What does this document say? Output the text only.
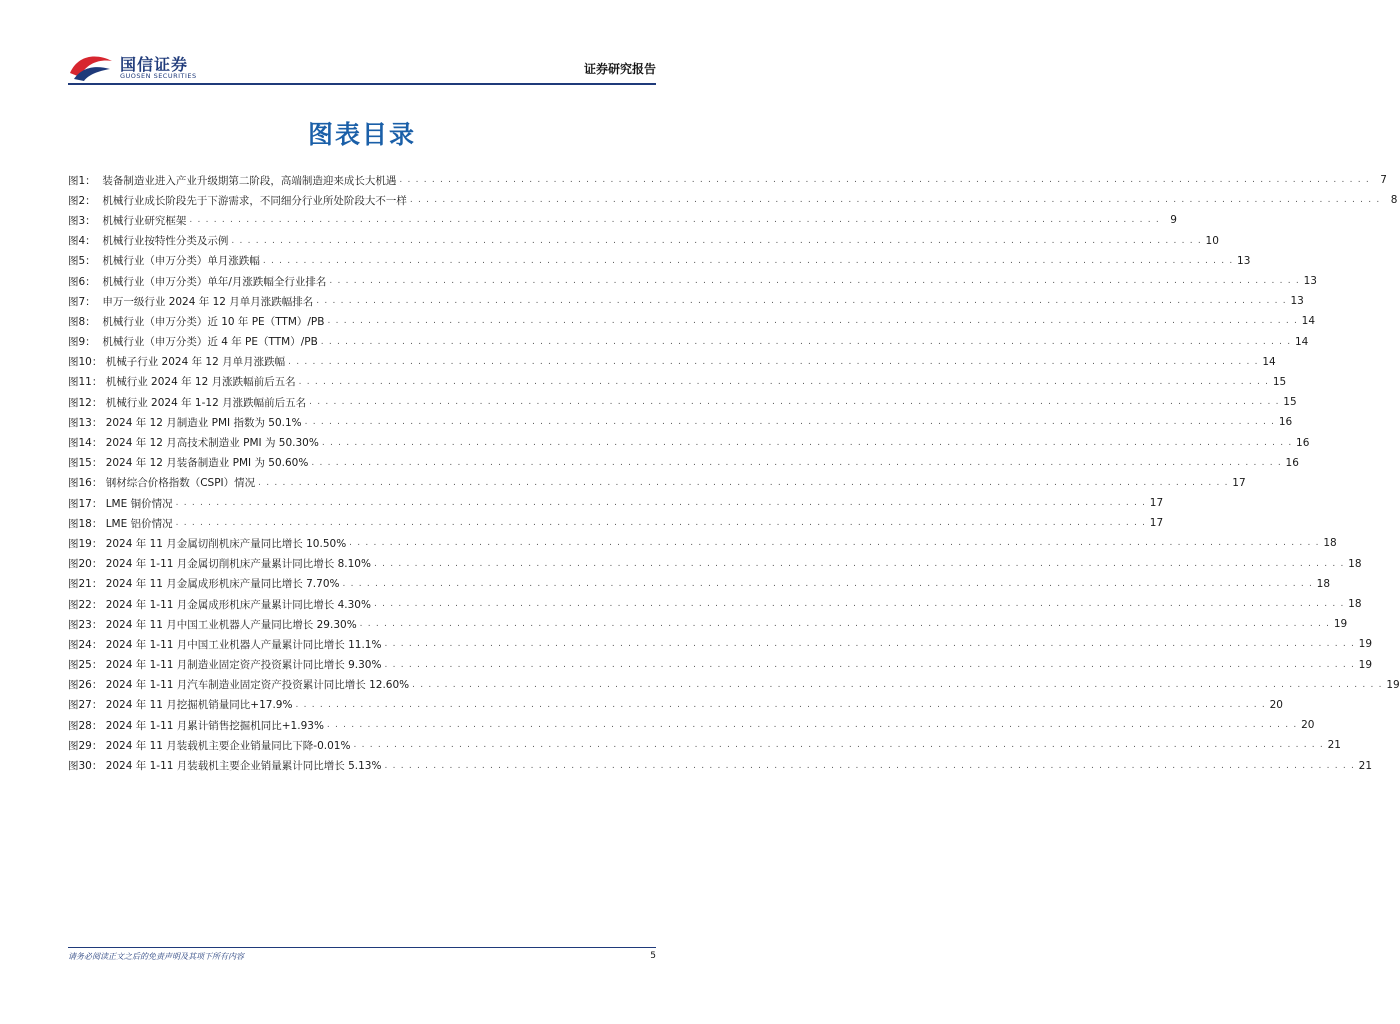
国信证券
GUOSEN SECURITIES	证券研究报告
图表目录
图1：  装备制造业进入产业升级期第二阶段，高端制造迎来成长大机遇 . . . . . . . . . . . . . . . . . . . . . . . . . . . . . . . . . . . . . . . . . . . . . . . . . . . . . . . . . . . . . . . . . . . . . . . . . . . . . . . . . . . . . . . . . . . . . . . . . . . . . . . . . . . . . . . . . . . . . . . . 7
图2：  机械行业成长阶段先于下游需求，不同细分行业所处阶段大不一样 . . . . . . . . . . . . . . . . . . . . . . . . . . . . . . . . . . . . . . . . . . . . . . . . . . . . . . . . . . . . . . . . . . . . . . . . . . . . . . . . . . . . . . . . . . . . . . . . . . . . . . . . . . . . . . . . . . . . . . . . 8
图3：  机械行业研究框架 . . . . . . . . . . . . . . . . . . . . . . . . . . . . . . . . . . . . . . . . . . . . . . . . . . . . . . . . . . . . . . . . . . . . . . . . . . . . . . . . . . . . . . . . . . . . . . . . . . . . . . . . . . . . . . . . . . . . . . . . 9
图4：  机械行业按特性分类及示例 . . . . . . . . . . . . . . . . . . . . . . . . . . . . . . . . . . . . . . . . . . . . . . . . . . . . . . . . . . . . . . . . . . . . . . . . . . . . . . . . . . . . . . . . . . . . . . . . . . . . . . . . . . . . . . . . . . . . . . . . 10
图5：  机械行业（申万分类）单月涨跌幅 . . . . . . . . . . . . . . . . . . . . . . . . . . . . . . . . . . . . . . . . . . . . . . . . . . . . . . . . . . . . . . . . . . . . . . . . . . . . . . . . . . . . . . . . . . . . . . . . . . . . . . . . . . . . . . . . . . . . . . . . 13
图6：  机械行业（申万分类）单年/月涨跌幅全行业排名 . . . . . . . . . . . . . . . . . . . . . . . . . . . . . . . . . . . . . . . . . . . . . . . . . . . . . . . . . . . . . . . . . . . . . . . . . . . . . . . . . . . . . . . . . . . . . . . . . . . . . . . . . . . . . . . . . . . . . . . . 13
图7：  申万一级行业 2024 年 12 月单月涨跌幅排名 . . . . . . . . . . . . . . . . . . . . . . . . . . . . . . . . . . . . . . . . . . . . . . . . . . . . . . . . . . . . . . . . . . . . . . . . . . . . . . . . . . . . . . . . . . . . . . . . . . . . . . . . . . . . . . . . . . . . . . . . 13
图8：  机械行业（申万分类）近 10 年 PE（TTM）/PB . . . . . . . . . . . . . . . . . . . . . . . . . . . . . . . . . . . . . . . . . . . . . . . . . . . . . . . . . . . . . . . . . . . . . . . . . . . . . . . . . . . . . . . . . . . . . . . . . . . . . . . . . . . . . . . . . . . . . . . . 14
图9：  机械行业（申万分类）近 4 年 PE（TTM）/PB . . . . . . . . . . . . . . . . . . . . . . . . . . . . . . . . . . . . . . . . . . . . . . . . . . . . . . . . . . . . . . . . . . . . . . . . . . . . . . . . . . . . . . . . . . . . . . . . . . . . . . . . . . . . . . . . . . . . . . . . 14
图10： 机械子行业 2024 年 12 月单月涨跌幅 . . . . . . . . . . . . . . . . . . . . . . . . . . . . . . . . . . . . . . . . . . . . . . . . . . . . . . . . . . . . . . . . . . . . . . . . . . . . . . . . . . . . . . . . . . . . . . . . . . . . . . . . . . . . . . . . . . . . . . . . 14
图11： 机械行业 2024 年 12 月涨跌幅前后五名 . . . . . . . . . . . . . . . . . . . . . . . . . . . . . . . . . . . . . . . . . . . . . . . . . . . . . . . . . . . . . . . . . . . . . . . . . . . . . . . . . . . . . . . . . . . . . . . . . . . . . . . . . . . . . . . . . . . . . . . . 15
图12： 机械行业 2024 年 1-12 月涨跌幅前后五名 . . . . . . . . . . . . . . . . . . . . . . . . . . . . . . . . . . . . . . . . . . . . . . . . . . . . . . . . . . . . . . . . . . . . . . . . . . . . . . . . . . . . . . . . . . . . . . . . . . . . . . . . . . . . . . . . . . . . . . . . 15
图13： 2024 年 12 月制造业 PMI 指数为 50.1% . . . . . . . . . . . . . . . . . . . . . . . . . . . . . . . . . . . . . . . . . . . . . . . . . . . . . . . . . . . . . . . . . . . . . . . . . . . . . . . . . . . . . . . . . . . . . . . . . . . . . . . . . . . . . . . . . . . . . . . . 16
图14： 2024 年 12 月高技术制造业 PMI 为 50.30% . . . . . . . . . . . . . . . . . . . . . . . . . . . . . . . . . . . . . . . . . . . . . . . . . . . . . . . . . . . . . . . . . . . . . . . . . . . . . . . . . . . . . . . . . . . . . . . . . . . . . . . . . . . . . . . . . . . . . . . . 16
图15： 2024 年 12 月装备制造业 PMI 为 50.60% . . . . . . . . . . . . . . . . . . . . . . . . . . . . . . . . . . . . . . . . . . . . . . . . . . . . . . . . . . . . . . . . . . . . . . . . . . . . . . . . . . . . . . . . . . . . . . . . . . . . . . . . . . . . . . . . . . . . . . . . 16
图16： 钢材综合价格指数（CSPI）情况 . . . . . . . . . . . . . . . . . . . . . . . . . . . . . . . . . . . . . . . . . . . . . . . . . . . . . . . . . . . . . . . . . . . . . . . . . . . . . . . . . . . . . . . . . . . . . . . . . . . . . . . . . . . . . . . . . . . . . . . . 17
图17： LME 铜价情况 . . . . . . . . . . . . . . . . . . . . . . . . . . . . . . . . . . . . . . . . . . . . . . . . . . . . . . . . . . . . . . . . . . . . . . . . . . . . . . . . . . . . . . . . . . . . . . . . . . . . . . . . . . . . . . . . . . . . . . . . 17
图18： LME 铝价情况 . . . . . . . . . . . . . . . . . . . . . . . . . . . . . . . . . . . . . . . . . . . . . . . . . . . . . . . . . . . . . . . . . . . . . . . . . . . . . . . . . . . . . . . . . . . . . . . . . . . . . . . . . . . . . . . . . . . . . . . . 17
图19： 2024 年 11 月金属切削机床产量同比增长 10.50% . . . . . . . . . . . . . . . . . . . . . . . . . . . . . . . . . . . . . . . . . . . . . . . . . . . . . . . . . . . . . . . . . . . . . . . . . . . . . . . . . . . . . . . . . . . . . . . . . . . . . . . . . . . . . . . . . . . . . . . . 18
图20： 2024 年 1-11 月金属切削机床产量累计同比增长 8.10% . . . . . . . . . . . . . . . . . . . . . . . . . . . . . . . . . . . . . . . . . . . . . . . . . . . . . . . . . . . . . . . . . . . . . . . . . . . . . . . . . . . . . . . . . . . . . . . . . . . . . . . . . . . . . . . . . . . . . . . . 18
图21： 2024 年 11 月金属成形机床产量同比增长 7.70% . . . . . . . . . . . . . . . . . . . . . . . . . . . . . . . . . . . . . . . . . . . . . . . . . . . . . . . . . . . . . . . . . . . . . . . . . . . . . . . . . . . . . . . . . . . . . . . . . . . . . . . . . . . . . . . . . . . . . . . . 18
图22： 2024 年 1-11 月金属成形机床产量累计同比增长 4.30% . . . . . . . . . . . . . . . . . . . . . . . . . . . . . . . . . . . . . . . . . . . . . . . . . . . . . . . . . . . . . . . . . . . . . . . . . . . . . . . . . . . . . . . . . . . . . . . . . . . . . . . . . . . . . . . . . . . . . . . . 18
图23： 2024 年 11 月中国工业机器人产量同比增长 29.30% . . . . . . . . . . . . . . . . . . . . . . . . . . . . . . . . . . . . . . . . . . . . . . . . . . . . . . . . . . . . . . . . . . . . . . . . . . . . . . . . . . . . . . . . . . . . . . . . . . . . . . . . . . . . . . . . . . . . . . . . 19
图24： 2024 年 1-11 月中国工业机器人产量累计同比增长 11.1% . . . . . . . . . . . . . . . . . . . . . . . . . . . . . . . . . . . . . . . . . . . . . . . . . . . . . . . . . . . . . . . . . . . . . . . . . . . . . . . . . . . . . . . . . . . . . . . . . . . . . . . . . . . . . . . . . . . . . . . . 19
图25： 2024 年 1-11 月制造业固定资产投资累计同比增长 9.30% . . . . . . . . . . . . . . . . . . . . . . . . . . . . . . . . . . . . . . . . . . . . . . . . . . . . . . . . . . . . . . . . . . . . . . . . . . . . . . . . . . . . . . . . . . . . . . . . . . . . . . . . . . . . . . . . . . . . . . . . 19
图26： 2024 年 1-11 月汽车制造业固定资产投资累计同比增长 12.60% . . . . . . . . . . . . . . . . . . . . . . . . . . . . . . . . . . . . . . . . . . . . . . . . . . . . . . . . . . . . . . . . . . . . . . . . . . . . . . . . . . . . . . . . . . . . . . . . . . . . . . . . . . . . . . . . . . . . . . . . 19
图27： 2024 年 11 月挖掘机销量同比+17.9% . . . . . . . . . . . . . . . . . . . . . . . . . . . . . . . . . . . . . . . . . . . . . . . . . . . . . . . . . . . . . . . . . . . . . . . . . . . . . . . . . . . . . . . . . . . . . . . . . . . . . . . . . . . . . . . . . . . . . . . . 20
图28： 2024 年 1-11 月累计销售挖掘机同比+1.93% . . . . . . . . . . . . . . . . . . . . . . . . . . . . . . . . . . . . . . . . . . . . . . . . . . . . . . . . . . . . . . . . . . . . . . . . . . . . . . . . . . . . . . . . . . . . . . . . . . . . . . . . . . . . . . . . . . . . . . . . 20
图29： 2024 年 11 月装载机主要企业销量同比下降-0.01% . . . . . . . . . . . . . . . . . . . . . . . . . . . . . . . . . . . . . . . . . . . . . . . . . . . . . . . . . . . . . . . . . . . . . . . . . . . . . . . . . . . . . . . . . . . . . . . . . . . . . . . . . . . . . . . . . . . . . . . . 21
图30： 2024 年 1-11 月装载机主要企业销量累计同比增长 5.13% . . . . . . . . . . . . . . . . . . . . . . . . . . . . . . . . . . . . . . . . . . . . . . . . . . . . . . . . . . . . . . . . . . . . . . . . . . . . . . . . . . . . . . . . . . . . . . . . . . . . . . . . . . . . . . . . . . . . . . . . 21
请务必阅读正文之后的免责声明及其项下所有内容	5
